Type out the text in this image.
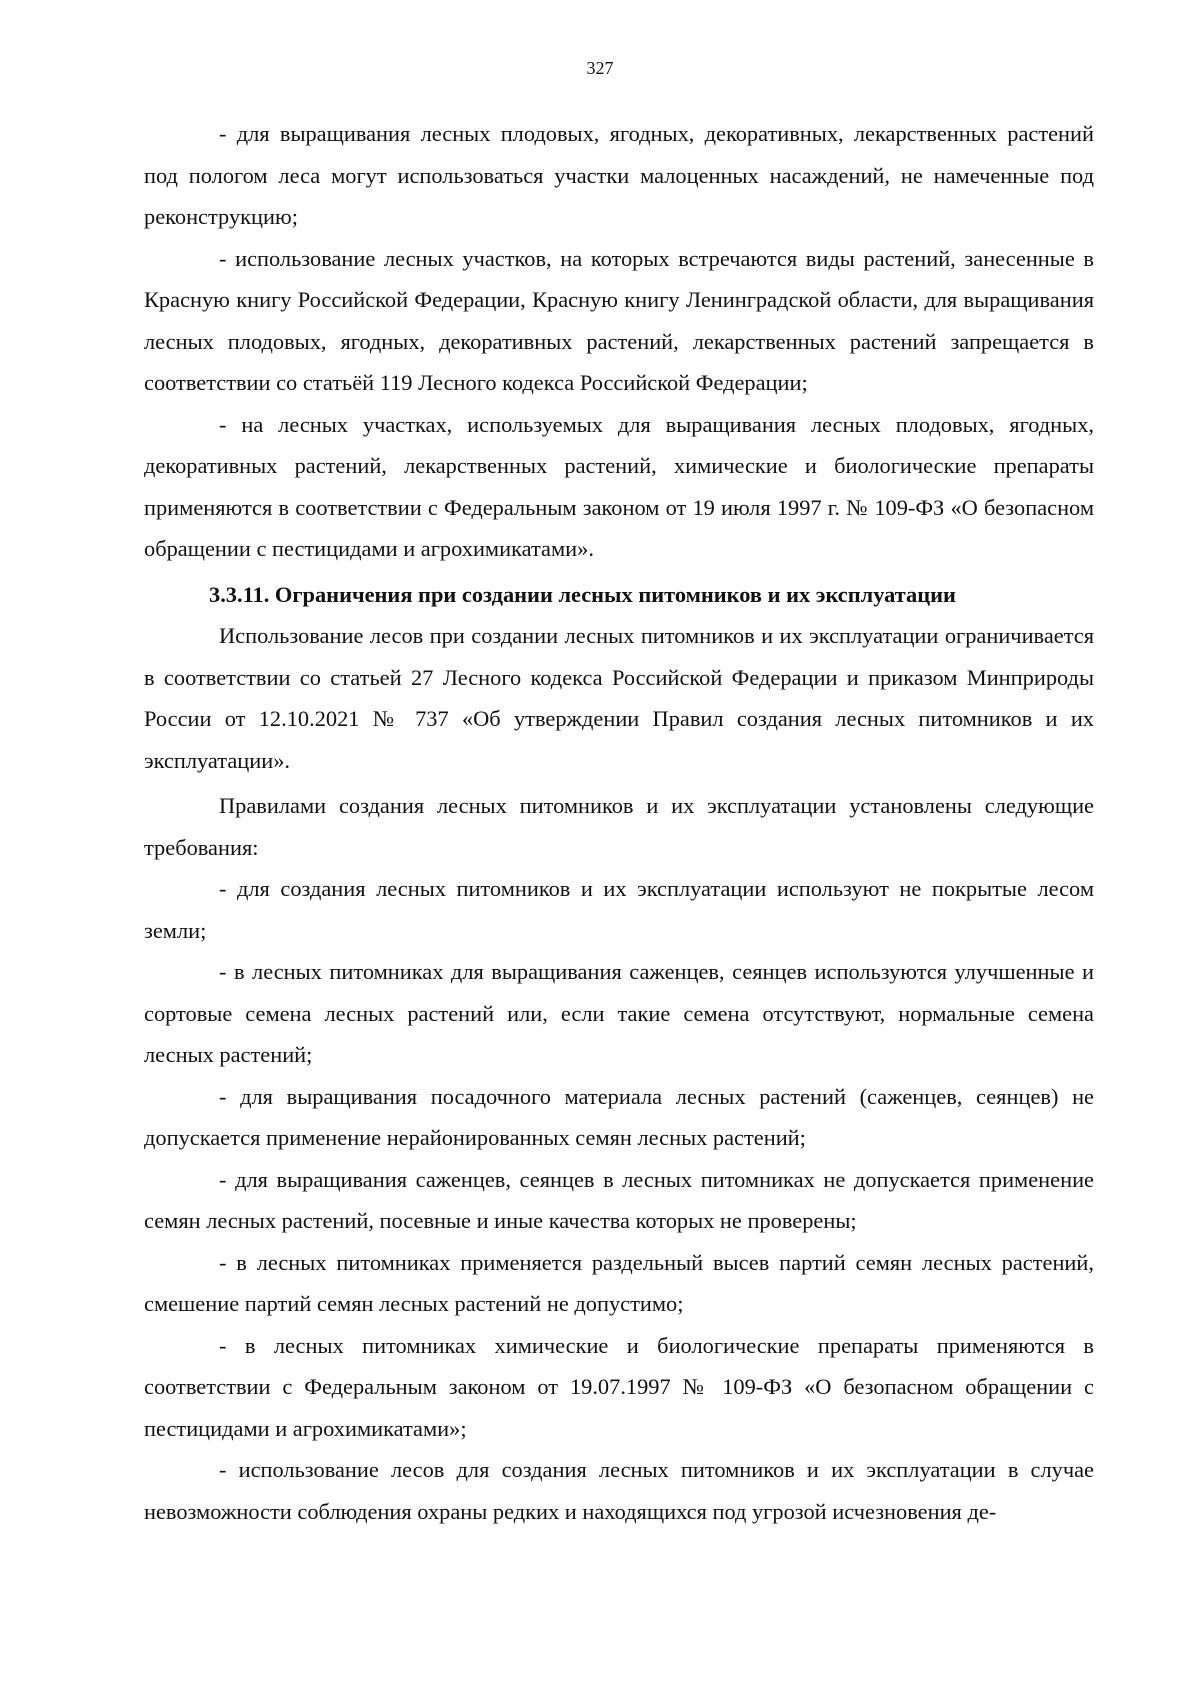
327

- для выращивания лесных плодовых, ягодных, декоративных, лекарственных растений под пологом леса могут использоваться участки малоценных насаждений, не намеченные под реконструкцию;

- использование лесных участков, на которых встречаются виды растений, занесенные в Красную книгу Российской Федерации, Красную книгу Ленинградской области, для выращивания лесных плодовых, ягодных, декоративных растений, лекарственных растений запрещается в соответствии со статьёй 119 Лесного кодекса Российской Федерации;

- на лесных участках, используемых для выращивания лесных плодовых, ягодных, декоративных растений, лекарственных растений, химические и биологические препараты применяются в соответствии с Федеральным законом от 19 июля 1997 г. № 109-ФЗ «О безопасном обращении с пестицидами и агрохимикатами».

3.3.11. Ограничения при создании лесных питомников и их эксплуатации

Использование лесов при создании лесных питомников и их эксплуатации ограничивается в соответствии со статьей 27 Лесного кодекса Российской Федерации и приказом Минприроды России от 12.10.2021 № 737 «Об утверждении Правил создания лесных питомников и их эксплуатации».

Правилами создания лесных питомников и их эксплуатации установлены следующие требования:

- для создания лесных питомников и их эксплуатации используют не покрытые лесом земли;

- в лесных питомниках для выращивания саженцев, сеянцев используются улучшенные и сортовые семена лесных растений или, если такие семена отсутствуют, нормальные семена лесных растений;

- для выращивания посадочного материала лесных растений (саженцев, сеянцев) не допускается применение нерайонированных семян лесных растений;

- для выращивания саженцев, сеянцев в лесных питомниках не допускается применение семян лесных растений, посевные и иные качества которых не проверены;

- в лесных питомниках применяется раздельный высев партий семян лесных растений, смешение партий семян лесных растений не допустимо;

- в лесных питомниках химические и биологические препараты применяются в соответствии с Федеральным законом от 19.07.1997 № 109-ФЗ «О безопасном обращении с пестицидами и агрохимикатами»;

- использование лесов для создания лесных питомников и их эксплуатации в случае невозможности соблюдения охраны редких и находящихся под угрозой исчезновения де-
